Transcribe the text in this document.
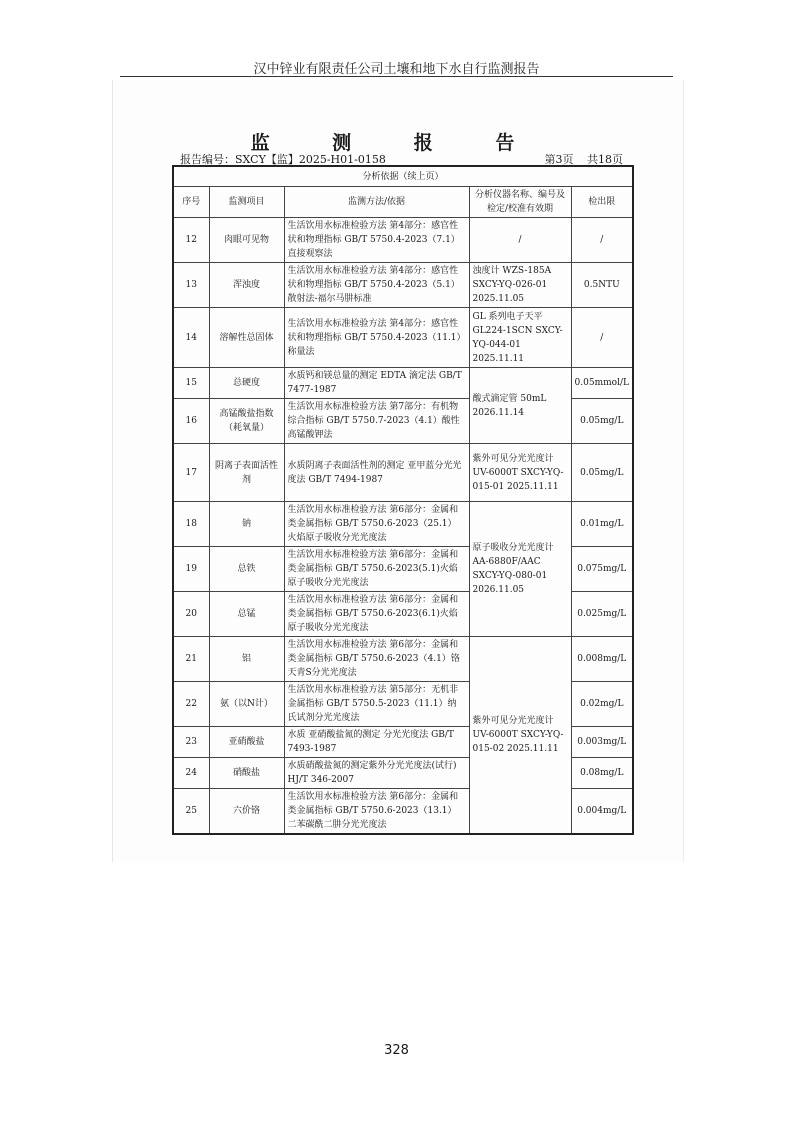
汉中锌业有限责任公司土壤和地下水自行监测报告
监 测 报 告
报告编号：SXCY【监】2025-H01-0158	第3页 共18页
分析依据（续上页）				
序号	监测项目	监测方法/依据	分析仪器名称、编号及检定/校准有效期	检出限
12	肉眼可见物	生活饮用水标准检验方法 第4部分：感官性状和物理指标 GB/T 5750.4-2023（7.1）直接观察法	/	/
13	浑浊度	生活饮用水标准检验方法 第4部分：感官性状和物理指标 GB/T 5750.4-2023（5.1）散射法-福尔马肼标准	浊度计 WZS-185A SXCY-YQ-026-01 2025.11.05	0.5NTU
14	溶解性总固体	生活饮用水标准检验方法 第4部分：感官性状和物理指标 GB/T 5750.4-2023（11.1）称量法	GL 系列电子天平 GL224-1SCN SXCY-YQ-044-01 2025.11.11	/
15	总硬度	水质钙和镁总量的测定 EDTA 滴定法 GB/T 7477-1987	酸式滴定管 50mL 2026.11.14	0.05mmol/L
16	高锰酸盐指数（耗氧量）	生活饮用水标准检验方法 第7部分：有机物综合指标 GB/T 5750.7-2023（4.1）酸性高锰酸钾法		0.05mg/L
17	阴离子表面活性剂	水质阴离子表面活性剂的测定 亚甲蓝分光光度法 GB/T 7494-1987	紫外可见分光光度计 UV-6000T SXCY-YQ-015-01 2025.11.11	0.05mg/L
18	钠	生活饮用水标准检验方法 第6部分：金属和类金属指标 GB/T 5750.6-2023（25.1）火焰原子吸收分光光度法	原子吸收分光光度计 AA-6880F/AAC SXCY-YQ-080-01 2026.11.05	0.01mg/L
19	总铁	生活饮用水标准检验方法 第6部分：金属和类金属指标 GB/T 5750.6-2023(5.1)火焰原子吸收分光光度法		0.075mg/L
20	总锰	生活饮用水标准检验方法 第6部分：金属和类金属指标 GB/T 5750.6-2023(6.1)火焰原子吸收分光光度法		0.025mg/L
21	铝	生活饮用水标准检验方法 第6部分：金属和类金属指标 GB/T 5750.6-2023（4.1）铬天青S分光光度法	紫外可见分光光度计 UV-6000T SXCY-YQ-015-02 2025.11.11	0.008mg/L
22	氨（以N计）	生活饮用水标准检验方法 第5部分：无机非金属指标 GB/T 5750.5-2023（11.1）纳氏试剂分光光度法		0.02mg/L
23	亚硝酸盐	水质 亚硝酸盐氮的测定 分光光度法 GB/T 7493-1987		0.003mg/L
24	硝酸盐	水质硝酸盐氮的测定紫外分光光度法(试行) HJ/T 346-2007		0.08mg/L
25	六价铬	生活饮用水标准检验方法 第6部分：金属和类金属指标 GB/T 5750.6-2023（13.1）二苯碳酰二肼分光光度法		0.004mg/L
328
